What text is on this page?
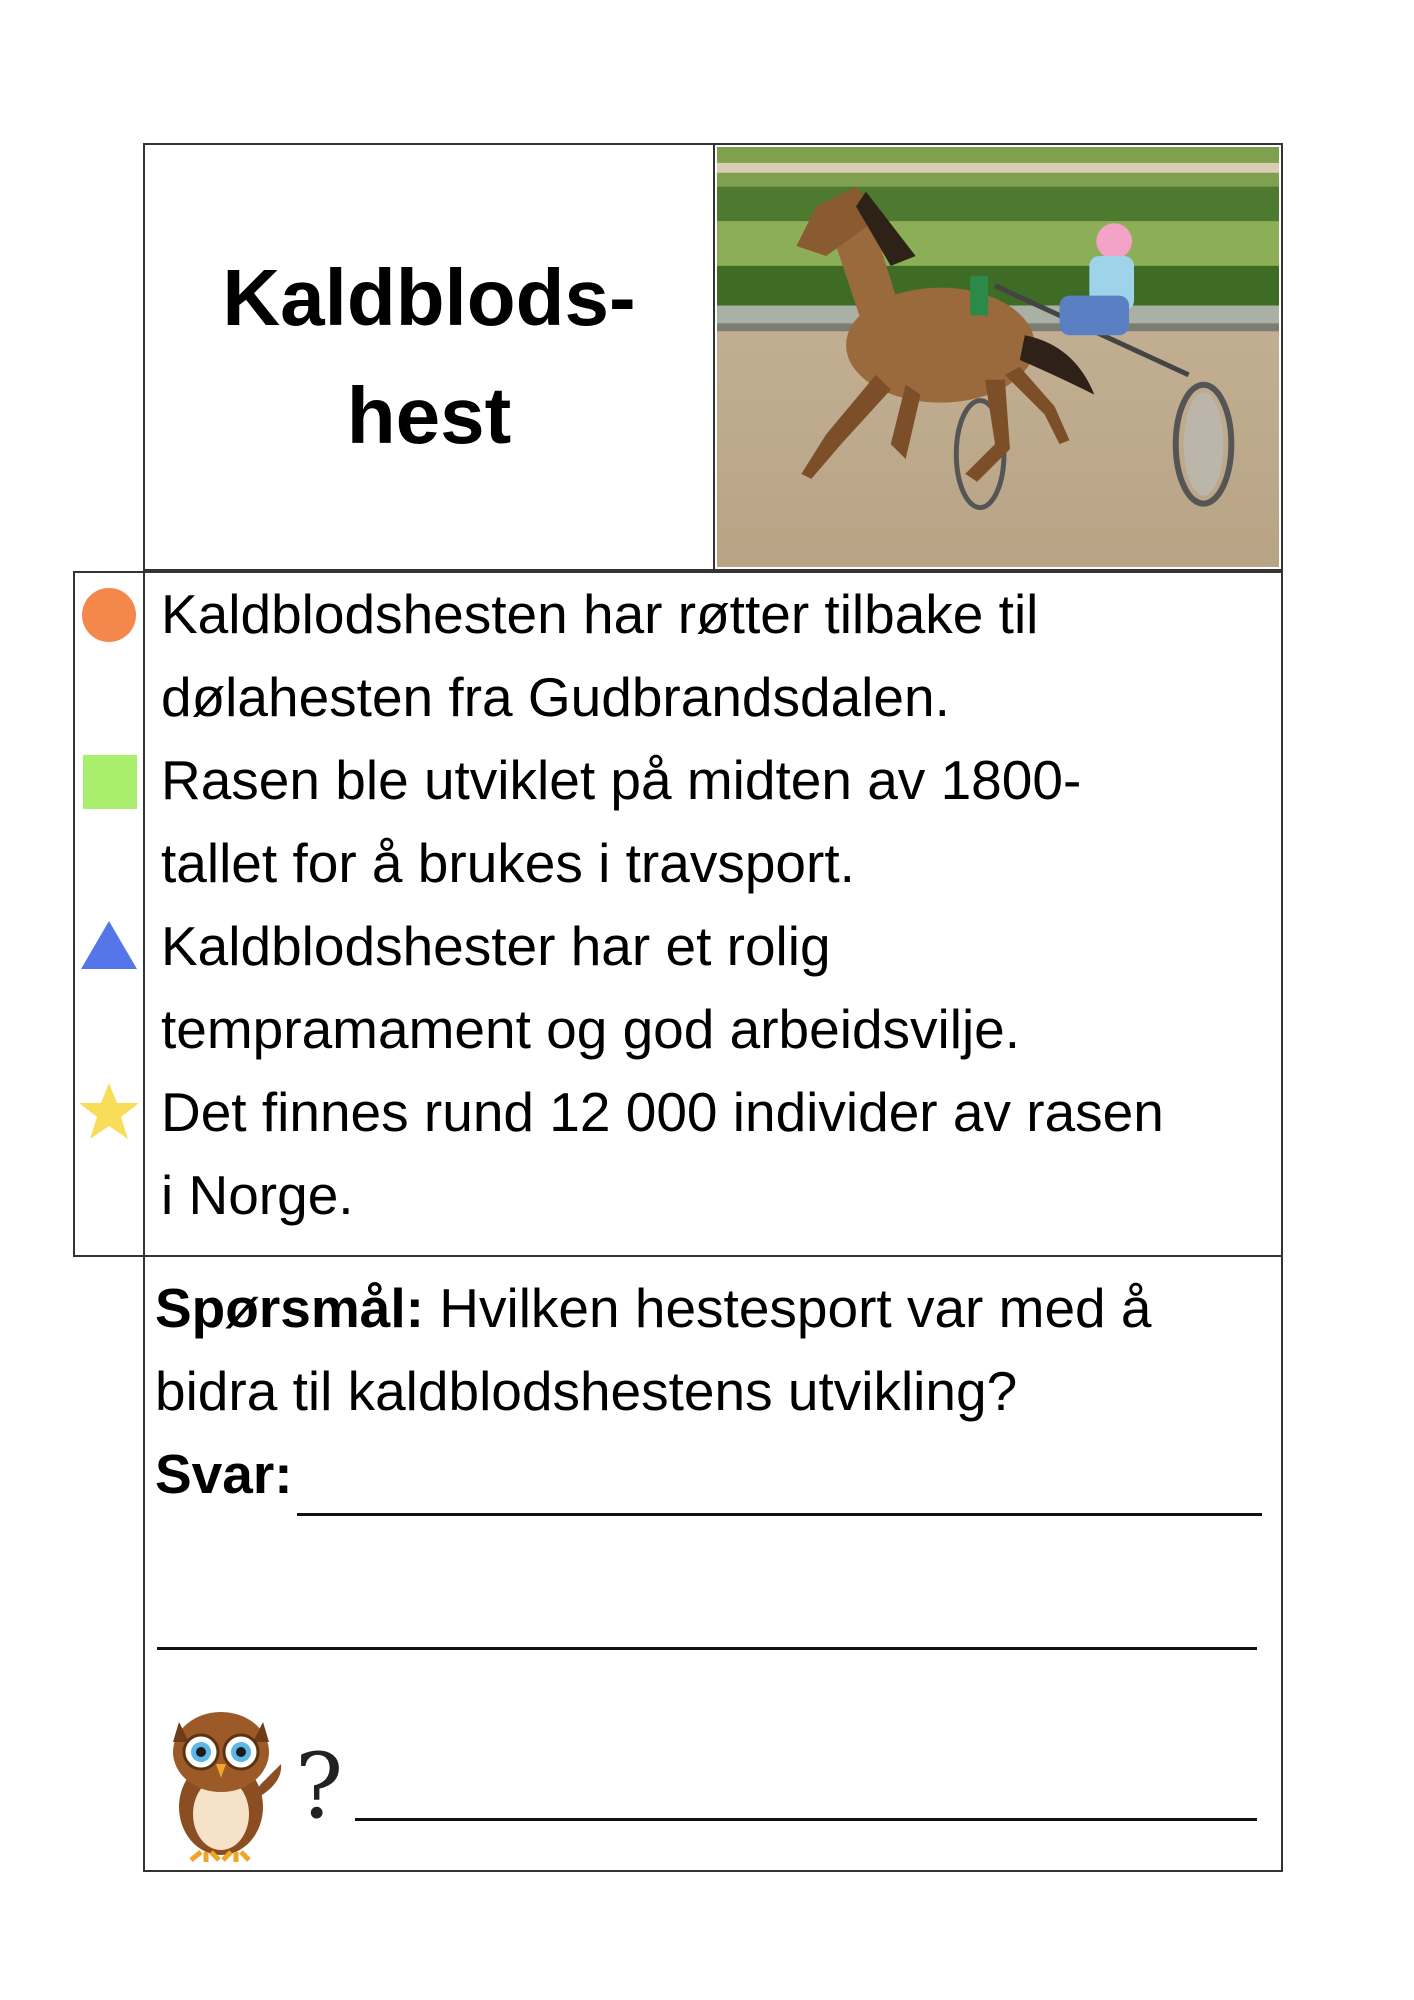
Kaldblods-
hest
Kaldblodshesten har røtter tilbake til
dølahesten fra Gudbrandsdalen.
Rasen ble utviklet på midten av 1800-
tallet for å brukes i travsport.
Kaldblodshester har et rolig
tempramament og god arbeidsvilje.
Det finnes rund 12 000 individer av rasen
i Norge.
Spørsmål: Hvilken hestesport var med å bidra til kaldblodshestens utvikling?
Svar:
?
